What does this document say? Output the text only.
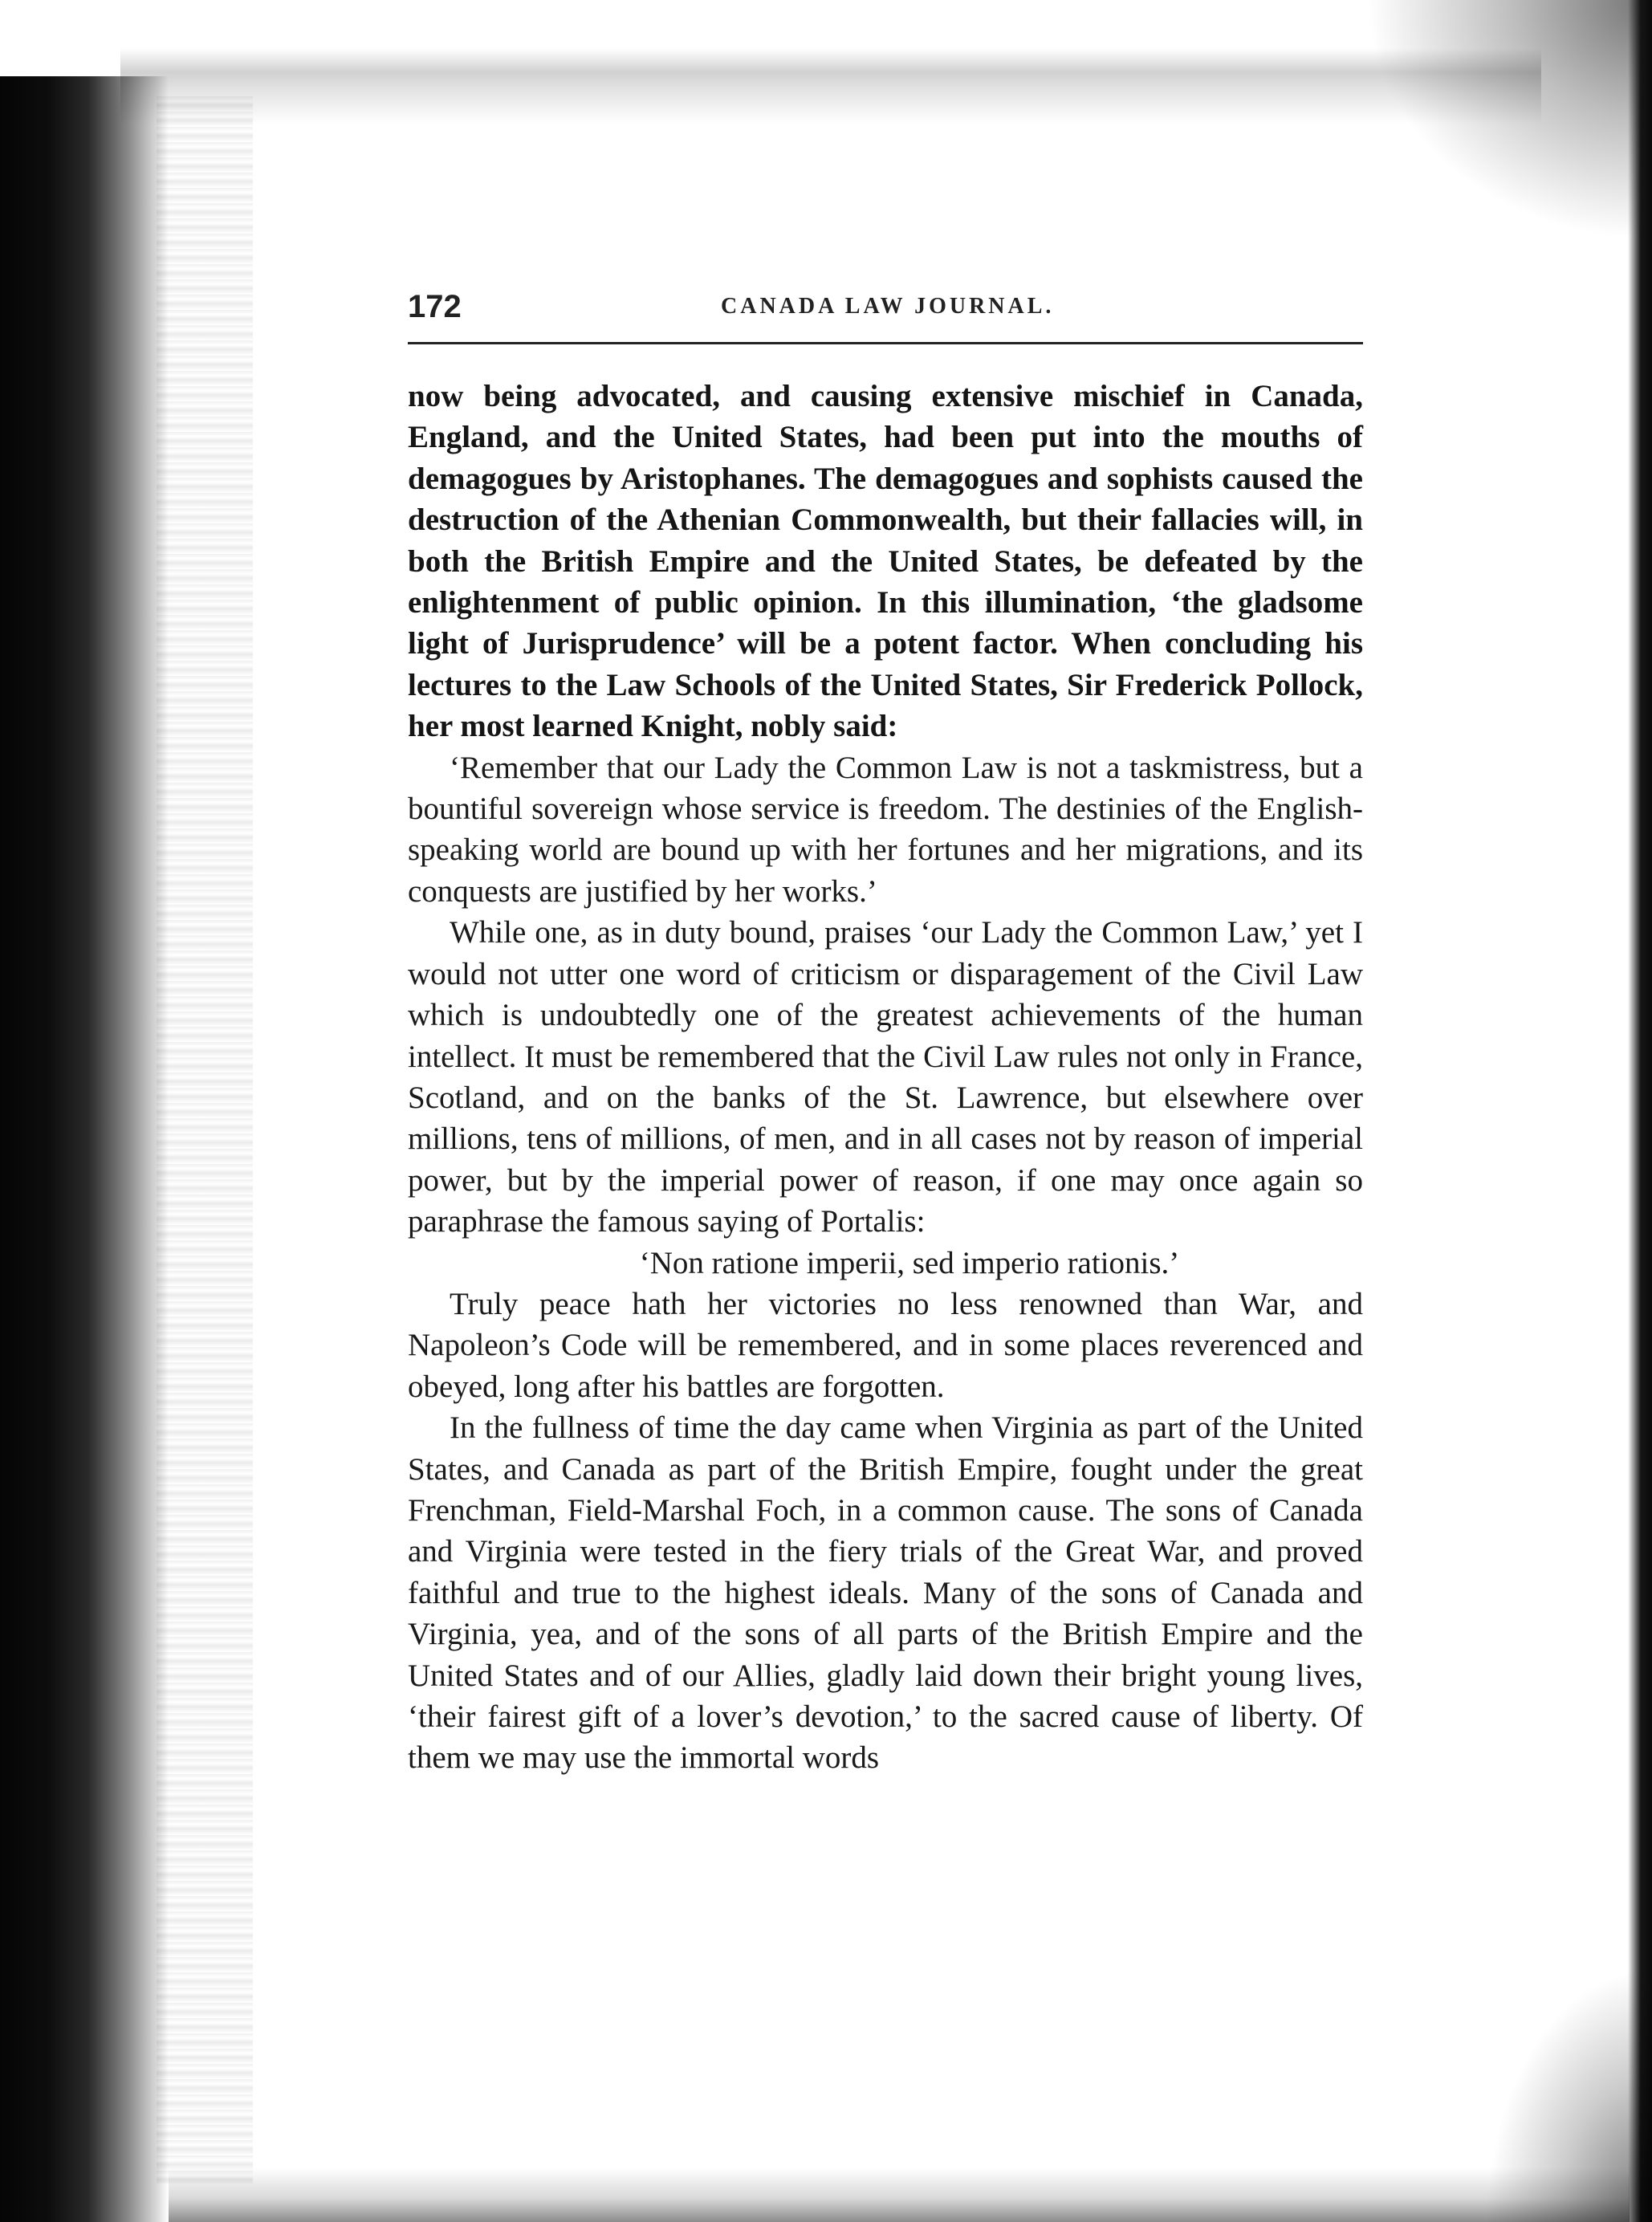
172	CANADA LAW JOURNAL.

now being advocated, and causing extensive mischief in Canada, England, and the United States, had been put into the mouths of demagogues by Aristophanes. The demagogues and sophists caused the destruction of the Athenian Commonwealth, but their fallacies will, in both the British Empire and the United States, be defeated by the enlightenment of public opinion. In this illumination, ‘the gladsome light of Jurisprudence’ will be a potent factor. When concluding his lectures to the Law Schools of the United States, Sir Frederick Pollock, her most learned Knight, nobly said:

‘Remember that our Lady the Common Law is not a taskmistress, but a bountiful sovereign whose service is freedom. The destinies of the English-speaking world are bound up with her fortunes and her migrations, and its conquests are justified by her works.’

While one, as in duty bound, praises ‘our Lady the Common Law,’ yet I would not utter one word of criticism or disparagement of the Civil Law which is undoubtedly one of the greatest achievements of the human intellect. It must be remembered that the Civil Law rules not only in France, Scotland, and on the banks of the St. Lawrence, but elsewhere over millions, tens of millions, of men, and in all cases not by reason of imperial power, but by the imperial power of reason, if one may once again so paraphrase the famous saying of Portalis:

‘Non ratione imperii, sed imperio rationis.’

Truly peace hath her victories no less renowned than War, and Napoleon’s Code will be remembered, and in some places reverenced and obeyed, long after his battles are forgotten.

In the fullness of time the day came when Virginia as part of the United States, and Canada as part of the British Empire, fought under the great Frenchman, Field-Marshal Foch, in a common cause. The sons of Canada and Virginia were tested in the fiery trials of the Great War, and proved faithful and true to the highest ideals. Many of the sons of Canada and Virginia, yea, and of the sons of all parts of the British Empire and the United States and of our Allies, gladly laid down their bright young lives, ‘their fairest gift of a lover’s devotion,’ to the sacred cause of liberty. Of them we may use the immortal words
